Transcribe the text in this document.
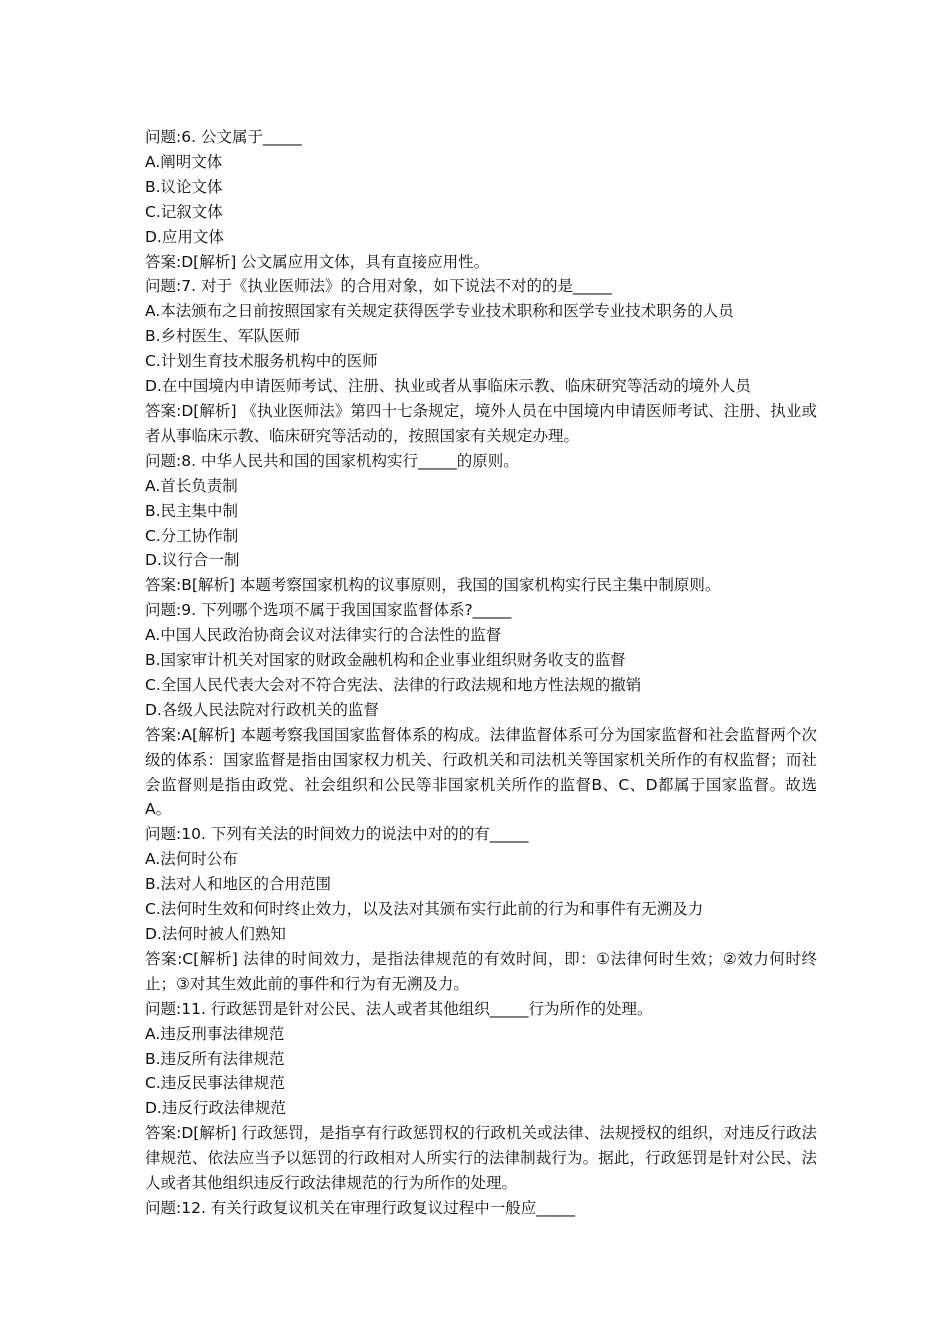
问题:6. 公文属于_____
A.阐明文体
B.议论文体
C.记叙文体
D.应用文体
答案:D[解析] 公文属应用文体，具有直接应用性。
问题:7. 对于《执业医师法》的合用对象，如下说法不对的的是_____
A.本法颁布之日前按照国家有关规定获得医学专业技术职称和医学专业技术职务的人员
B.乡村医生、军队医师
C.计划生育技术服务机构中的医师
D.在中国境内申请医师考试、注册、执业或者从事临床示教、临床研究等活动的境外人员
答案:D[解析] 《执业医师法》第四十七条规定，境外人员在中国境内申请医师考试、注册、执业或者从事临床示教、临床研究等活动的，按照国家有关规定办理。
问题:8. 中华人民共和国的国家机构实行_____的原则。
A.首长负责制
B.民主集中制
C.分工协作制
D.议行合一制
答案:B[解析] 本题考察国家机构的议事原则，我国的国家机构实行民主集中制原则。
问题:9. 下列哪个选项不属于我国国家监督体系?_____
A.中国人民政治协商会议对法律实行的合法性的监督
B.国家审计机关对国家的财政金融机构和企业事业组织财务收支的监督
C.全国人民代表大会对不符合宪法、法律的行政法规和地方性法规的撤销
D.各级人民法院对行政机关的监督
答案:A[解析] 本题考察我国国家监督体系的构成。法律监督体系可分为国家监督和社会监督两个次级的体系：国家监督是指由国家权力机关、行政机关和司法机关等国家机关所作的有权监督；而社会监督则是指由政党、社会组织和公民等非国家机关所作的监督B、C、D都属于国家监督。故选A。
问题:10. 下列有关法的时间效力的说法中对的的有_____
A.法何时公布
B.法对人和地区的合用范围
C.法何时生效和何时终止效力，以及法对其颁布实行此前的行为和事件有无溯及力
D.法何时被人们熟知
答案:C[解析] 法律的时间效力，是指法律规范的有效时间，即：①法律何时生效；②效力何时终止；③对其生效此前的事件和行为有无溯及力。
问题:11. 行政惩罚是针对公民、法人或者其他组织_____行为所作的处理。
A.违反刑事法律规范
B.违反所有法律规范
C.违反民事法律规范
D.违反行政法律规范
答案:D[解析] 行政惩罚，是指享有行政惩罚权的行政机关或法律、法规授权的组织，对违反行政法律规范、依法应当予以惩罚的行政相对人所实行的法律制裁行为。据此，行政惩罚是针对公民、法人或者其他组织违反行政法律规范的行为所作的处理。
问题:12. 有关行政复议机关在审理行政复议过程中一般应_____
